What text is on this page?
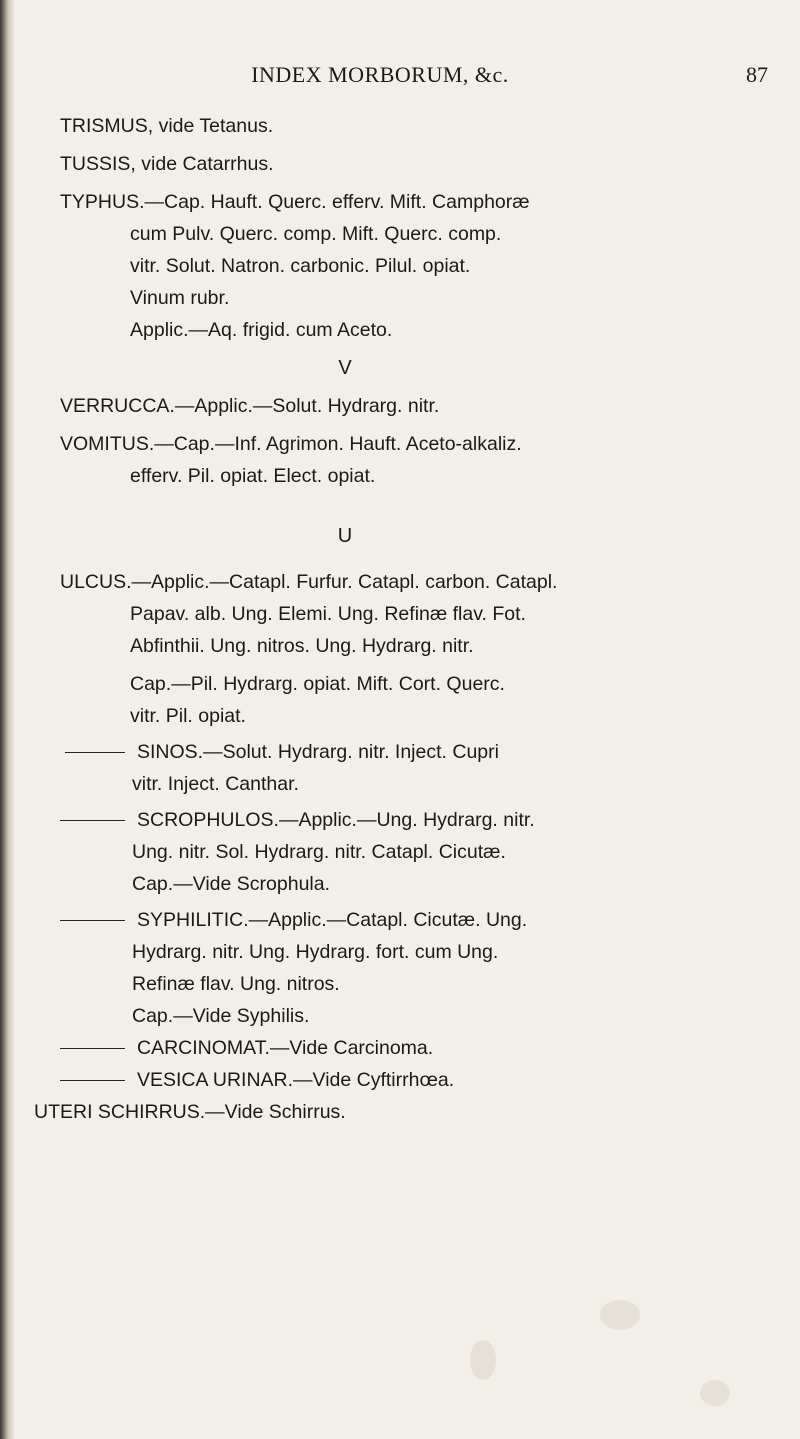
INDEX MORBORUM, &c.	87
TRISMUS, vide Tetanus.
TUSSIS, vide Catarrhus.
TYPHUS.—Cap. Hauft. Querc. efferv. Mift. Camphoræ
cum Pulv. Querc. comp. Mift. Querc. comp.
vitr. Solut. Natron. carbonic. Pilul. opiat.
Vinum rubr.
Applic.—Aq. frigid. cum Aceto.
V
VERRUCCA.—Applic.—Solut. Hydrarg. nitr.
VOMITUS.—Cap.—Inf. Agrimon. Hauft. Aceto-alkaliz.
efferv. Pil. opiat. Elect. opiat.
U
ULCUS.—Applic.—Catapl. Furfur. Catapl. carbon. Catapl.
Papav. alb. Ung. Elemi. Ung. Refinæ flav. Fot.
Abfinthii. Ung. nitros. Ung. Hydrarg. nitr.
Cap.—Pil. Hydrarg. opiat. Mift. Cort. Querc.
vitr. Pil. opiat.
SINOS.—Solut. Hydrarg. nitr. Inject. Cupri
vitr. Inject. Canthar.
SCROPHULOS.—Applic.—Ung. Hydrarg. nitr.
Ung. nitr. Sol. Hydrarg. nitr. Catapl. Cicutæ.
Cap.—Vide Scrophula.
SYPHILITIC.—Applic.—Catapl. Cicutæ. Ung.
Hydrarg. nitr. Ung. Hydrarg. fort. cum Ung.
Refinæ flav. Ung. nitros.
Cap.—Vide Syphilis.
CARCINOMAT.—Vide Carcinoma.
VESICA URINAR.—Vide Cyftirrhœa.
UTERI SCHIRRUS.—Vide Schirrus.
